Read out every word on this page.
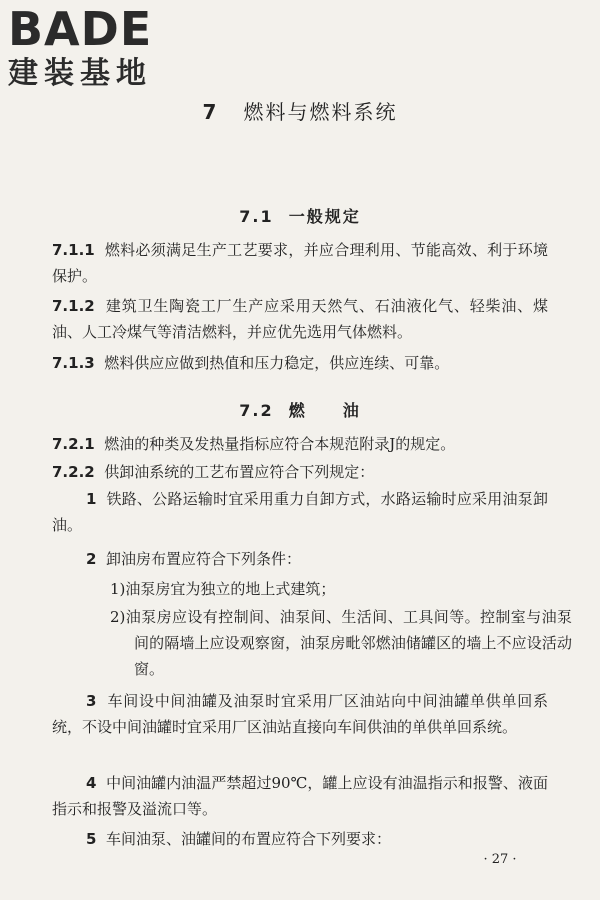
BADE
建装基地
7 燃料与燃料系统
7.1 一般规定

7.1.1 燃料必须满足生产工艺要求，并应合理利用、节能高效、利于环境保护。

7.1.2 建筑卫生陶瓷工厂生产应采用天然气、石油液化气、轻柴油、煤油、人工冷煤气等清洁燃料，并应优先选用气体燃料。

7.1.3 燃料供应应做到热值和压力稳定，供应连续、可靠。

7.2 燃　　油

7.2.1 燃油的种类及发热量指标应符合本规范附录J的规定。

7.2.2 供卸油系统的工艺布置应符合下列规定：

1 铁路、公路运输时宜采用重力自卸方式，水路运输时应采用油泵卸油。

2 卸油房布置应符合下列条件：

1)油泵房宜为独立的地上式建筑；

2)油泵房应设有控制间、油泵间、生活间、工具间等。控制室与油泵间的隔墙上应设观察窗，油泵房毗邻燃油储罐区的墙上不应设活动窗。

3 车间设中间油罐及油泵时宜采用厂区油站向中间油罐单供单回系统，不设中间油罐时宜采用厂区油站直接向车间供油的单供单回系统。

4 中间油罐内油温严禁超过90℃，罐上应设有油温指示和报警、液面指示和报警及溢流口等。

5 车间油泵、油罐间的布置应符合下列要求：

· 27 ·
